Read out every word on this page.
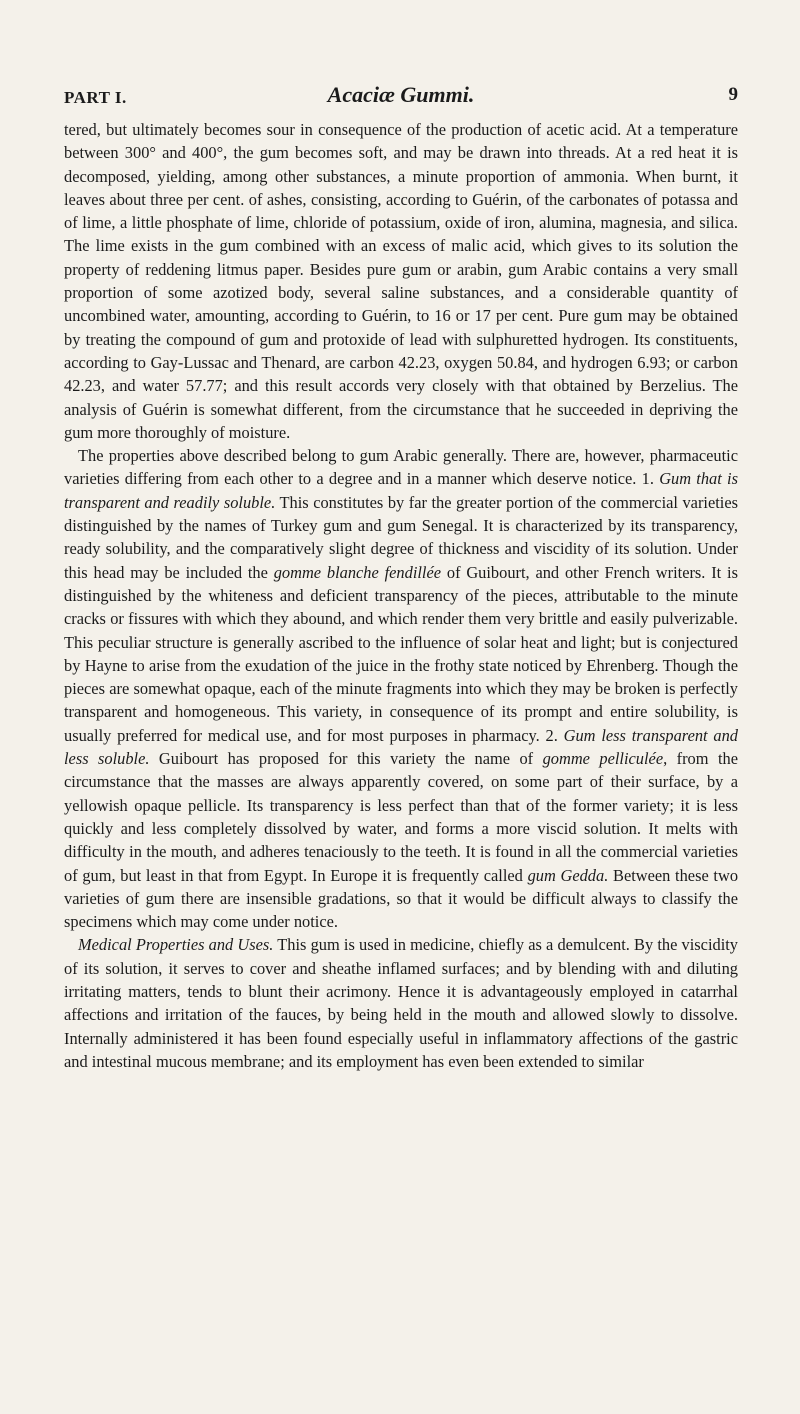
PART I.	Acaciæ Gummi.	9

tered, but ultimately becomes sour in consequence of the production of acetic acid. At a temperature between 300° and 400°, the gum becomes soft, and may be drawn into threads. At a red heat it is decomposed, yielding, among other substances, a minute proportion of ammonia. When burnt, it leaves about three per cent. of ashes, consisting, according to Guérin, of the carbonates of potassa and of lime, a little phosphate of lime, chloride of potassium, oxide of iron, alumina, magnesia, and silica. The lime exists in the gum combined with an excess of malic acid, which gives to its solution the property of reddening litmus paper. Besides pure gum or arabin, gum Arabic contains a very small proportion of some azotized body, several saline substances, and a considerable quantity of uncombined water, amounting, according to Guérin, to 16 or 17 per cent. Pure gum may be obtained by treating the compound of gum and protoxide of lead with sulphuretted hydrogen. Its constituents, according to Gay-Lussac and Thenard, are carbon 42.23, oxygen 50.84, and hydrogen 6.93; or carbon 42.23, and water 57.77; and this result accords very closely with that obtained by Berzelius. The analysis of Guérin is somewhat different, from the circumstance that he succeeded in depriving the gum more thoroughly of moisture.

The properties above described belong to gum Arabic generally. There are, however, pharmaceutic varieties differing from each other to a degree and in a manner which deserve notice. 1. Gum that is transparent and readily soluble. This constitutes by far the greater portion of the commercial varieties distinguished by the names of Turkey gum and gum Senegal. It is characterized by its transparency, ready solubility, and the comparatively slight degree of thickness and viscidity of its solution. Under this head may be included the gomme blanche fendillée of Guibourt, and other French writers. It is distinguished by the whiteness and deficient transparency of the pieces, attributable to the minute cracks or fissures with which they abound, and which render them very brittle and easily pulverizable. This peculiar structure is generally ascribed to the influence of solar heat and light; but is conjectured by Hayne to arise from the exudation of the juice in the frothy state noticed by Ehrenberg. Though the pieces are somewhat opaque, each of the minute fragments into which they may be broken is perfectly transparent and homogeneous. This variety, in consequence of its prompt and entire solubility, is usually preferred for medical use, and for most purposes in pharmacy. 2. Gum less transparent and less soluble. Guibourt has proposed for this variety the name of gomme pelliculée, from the circumstance that the masses are always apparently covered, on some part of their surface, by a yellowish opaque pellicle. Its transparency is less perfect than that of the former variety; it is less quickly and less completely dissolved by water, and forms a more viscid solution. It melts with difficulty in the mouth, and adheres tenaciously to the teeth. It is found in all the commercial varieties of gum, but least in that from Egypt. In Europe it is frequently called gum Gedda. Between these two varieties of gum there are insensible gradations, so that it would be difficult always to classify the specimens which may come under notice.

Medical Properties and Uses. This gum is used in medicine, chiefly as a demulcent. By the viscidity of its solution, it serves to cover and sheathe inflamed surfaces; and by blending with and diluting irritating matters, tends to blunt their acrimony. Hence it is advantageously employed in catarrhal affections and irritation of the fauces, by being held in the mouth and allowed slowly to dissolve. Internally administered it has been found especially useful in inflammatory affections of the gastric and intestinal mucous membrane; and its employment has even been extended to similar
